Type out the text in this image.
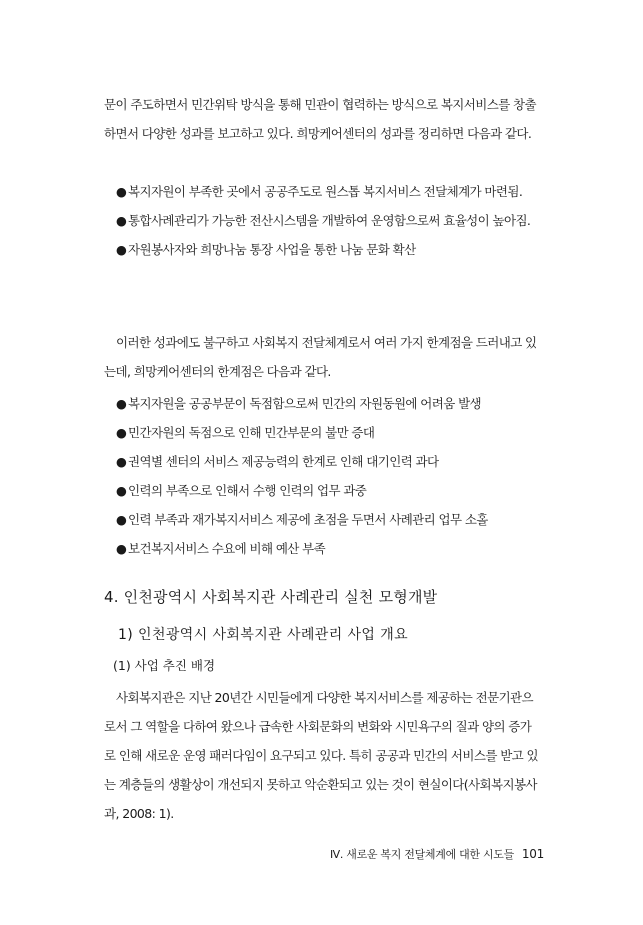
문이 주도하면서 민간위탁 방식을 통해 민관이 협력하는 방식으로 복지서비스를 창출하면서 다양한 성과를 보고하고 있다. 희망케어센터의 성과를 정리하면 다음과 같다.

● 복지자원이 부족한 곳에서 공공주도로 원스톱 복지서비스 전달체계가 마련됨.
● 통합사례관리가 가능한 전산시스템을 개발하여 운영함으로써 효율성이 높아짐.
● 자원봉사자와 희망나눔 통장 사업을 통한 나눔 문화 확산

이러한 성과에도 불구하고 사회복지 전달체계로서 여러 가지 한계점을 드러내고 있는데, 희망케어센터의 한계점은 다음과 같다.

● 복지자원을 공공부문이 독점함으로써 민간의 자원동원에 어려움 발생
● 민간자원의 독점으로 인해 민간부문의 불만 증대
● 권역별 센터의 서비스 제공능력의 한계로 인해 대기인력 과다
● 인력의 부족으로 인해서 수행 인력의 업무 과중
● 인력 부족과 재가복지서비스 제공에 초점을 두면서 사례관리 업무 소홀
● 보건복지서비스 수요에 비해 예산 부족
4. 인천광역시 사회복지관 사례관리 실천 모형개발
1) 인천광역시 사회복지관 사례관리 사업 개요
(1) 사업 추진 배경

사회복지관은 지난 20년간 시민들에게 다양한 복지서비스를 제공하는 전문기관으로서 그 역할을 다하여 왔으나 급속한 사회문화의 변화와 시민욕구의 질과 양의 증가로 인해 새로운 운영 패러다임이 요구되고 있다. 특히 공공과 민간의 서비스를 받고 있는 계층들의 생활상이 개선되지 못하고 악순환되고 있는 것이 현실이다(사회복지봉사과, 2008: 1).

Ⅳ. 새로운 복지 전달체계에 대한 시도들 101
